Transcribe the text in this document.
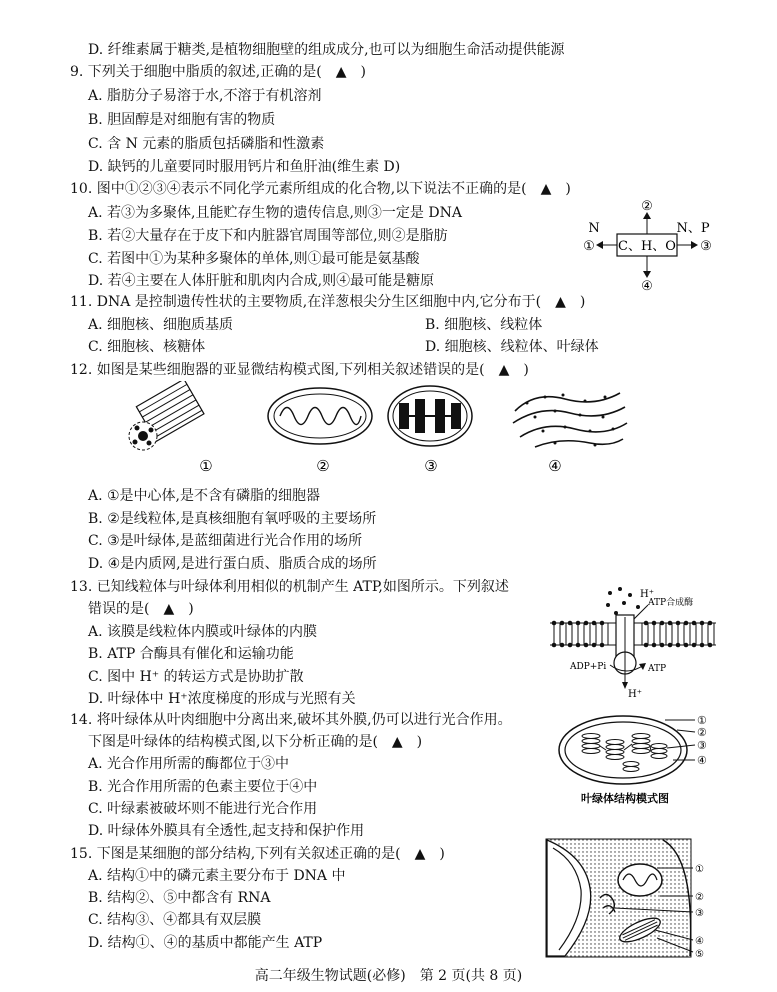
D. 纤维素属于糖类,是植物细胞壁的组成成分,也可以为细胞生命活动提供能源
9. 下列关于细胞中脂质的叙述,正确的是(　▲　)
A. 脂肪分子易溶于水,不溶于有机溶剂
B. 胆固醇是对细胞有害的物质
C. 含 N 元素的脂质包括磷脂和性激素
D. 缺钙的儿童要同时服用钙片和鱼肝油(维生素 D)
10. 图中①②③④表示不同化学元素所组成的化合物,以下说法不正确的是(　▲　)
A. 若③为多聚体,且能贮存生物的遗传信息,则③一定是 DNA
B. 若②大量存在于皮下和内脏器官周围等部位,则②是脂肪
C. 若图中①为某种多聚体的单体,则①最可能是氨基酸
D. 若④主要在人体肝脏和肌肉内合成,则④最可能是糖原
C、H、O
②
④
①
N
③
N、P
11. DNA 是控制遗传性状的主要物质,在洋葱根尖分生区细胞中内,它分布于(　▲　)
A. 细胞核、细胞质基质	B. 细胞核、线粒体
C. 细胞核、核糖体	D. 细胞核、线粒体、叶绿体
12. 如图是某些细胞器的亚显微结构模式图,下列相关叙述错误的是(　▲　)
①	②	③	④
A. ①是中心体,是不含有磷脂的细胞器
B. ②是线粒体,是真核细胞有氧呼吸的主要场所
C. ③是叶绿体,是蓝细菌进行光合作用的场所
D. ④是内质网,是进行蛋白质、脂质合成的场所
13. 已知线粒体与叶绿体利用相似的机制产生 ATP,如图所示。下列叙述
错误的是(　▲　)
A. 该膜是线粒体内膜或叶绿体的内膜
B. ATP 合酶具有催化和运输功能
C. 图中 H⁺ 的转运方式是协助扩散
D. 叶绿体中 H⁺浓度梯度的形成与光照有关
H⁺
ATP合成酶
ADP+Pi	ATP
H⁺
14. 将叶绿体从叶肉细胞中分离出来,破坏其外膜,仍可以进行光合作用。
下图是叶绿体的结构模式图,以下分析正确的是(　▲　)
A. 光合作用所需的酶都位于③中
B. 光合作用所需的色素主要位于④中
C. 叶绿素被破坏则不能进行光合作用
D. 叶绿体外膜具有全透性,起支持和保护作用
①
②
③
④
叶绿体结构模式图
15. 下图是某细胞的部分结构,下列有关叙述正确的是(　▲　)
A. 结构①中的磷元素主要分布于 DNA 中
B. 结构②、⑤中都含有 RNA
C. 结构③、④都具有双层膜
D. 结构①、④的基质中都能产生 ATP
①
②
③
④
⑤
高二年级生物试题(必修)　第 2 页(共 8 页)
